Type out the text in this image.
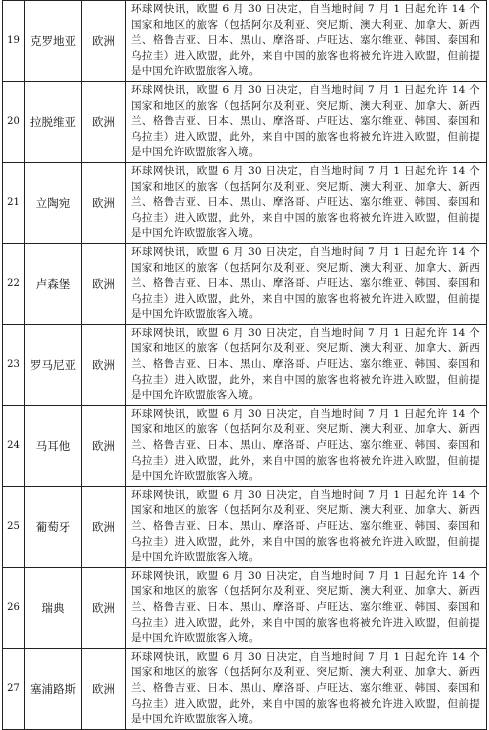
19	克罗地亚	欧洲	环球网快讯，欧盟 6 月 30 日决定，自当地时间 7 月 1 日起允许 14 个国家和地区的旅客（包括阿尔及利亚、突尼斯、澳大利亚、加拿大、新西兰、格鲁吉亚、日本、黑山、摩洛哥、卢旺达、塞尔维亚、韩国、泰国和乌拉圭）进入欧盟，此外，来自中国的旅客也将被允许进入欧盟，但前提是中国允许欧盟旅客入境。
20	拉脱维亚	欧洲	环球网快讯，欧盟 6 月 30 日决定，自当地时间 7 月 1 日起允许 14 个国家和地区的旅客（包括阿尔及利亚、突尼斯、澳大利亚、加拿大、新西兰、格鲁吉亚、日本、黑山、摩洛哥、卢旺达、塞尔维亚、韩国、泰国和乌拉圭）进入欧盟，此外，来自中国的旅客也将被允许进入欧盟，但前提是中国允许欧盟旅客入境。
21	立陶宛	欧洲	环球网快讯，欧盟 6 月 30 日决定，自当地时间 7 月 1 日起允许 14 个国家和地区的旅客（包括阿尔及利亚、突尼斯、澳大利亚、加拿大、新西兰、格鲁吉亚、日本、黑山、摩洛哥、卢旺达、塞尔维亚、韩国、泰国和乌拉圭）进入欧盟，此外，来自中国的旅客也将被允许进入欧盟，但前提是中国允许欧盟旅客入境。
22	卢森堡	欧洲	环球网快讯，欧盟 6 月 30 日决定，自当地时间 7 月 1 日起允许 14 个国家和地区的旅客（包括阿尔及利亚、突尼斯、澳大利亚、加拿大、新西兰、格鲁吉亚、日本、黑山、摩洛哥、卢旺达、塞尔维亚、韩国、泰国和乌拉圭）进入欧盟，此外，来自中国的旅客也将被允许进入欧盟，但前提是中国允许欧盟旅客入境。
23	罗马尼亚	欧洲	环球网快讯，欧盟 6 月 30 日决定，自当地时间 7 月 1 日起允许 14 个国家和地区的旅客（包括阿尔及利亚、突尼斯、澳大利亚、加拿大、新西兰、格鲁吉亚、日本、黑山、摩洛哥、卢旺达、塞尔维亚、韩国、泰国和乌拉圭）进入欧盟，此外，来自中国的旅客也将被允许进入欧盟，但前提是中国允许欧盟旅客入境。
24	马耳他	欧洲	环球网快讯，欧盟 6 月 30 日决定，自当地时间 7 月 1 日起允许 14 个国家和地区的旅客（包括阿尔及利亚、突尼斯、澳大利亚、加拿大、新西兰、格鲁吉亚、日本、黑山、摩洛哥、卢旺达、塞尔维亚、韩国、泰国和乌拉圭）进入欧盟，此外，来自中国的旅客也将被允许进入欧盟，但前提是中国允许欧盟旅客入境。
25	葡萄牙	欧洲	环球网快讯，欧盟 6 月 30 日决定，自当地时间 7 月 1 日起允许 14 个国家和地区的旅客（包括阿尔及利亚、突尼斯、澳大利亚、加拿大、新西兰、格鲁吉亚、日本、黑山、摩洛哥、卢旺达、塞尔维亚、韩国、泰国和乌拉圭）进入欧盟，此外，来自中国的旅客也将被允许进入欧盟，但前提是中国允许欧盟旅客入境。
26	瑞典	欧洲	环球网快讯，欧盟 6 月 30 日决定，自当地时间 7 月 1 日起允许 14 个国家和地区的旅客（包括阿尔及利亚、突尼斯、澳大利亚、加拿大、新西兰、格鲁吉亚、日本、黑山、摩洛哥、卢旺达、塞尔维亚、韩国、泰国和乌拉圭）进入欧盟，此外，来自中国的旅客也将被允许进入欧盟，但前提是中国允许欧盟旅客入境。
27	塞浦路斯	欧洲	环球网快讯，欧盟 6 月 30 日决定，自当地时间 7 月 1 日起允许 14 个国家和地区的旅客（包括阿尔及利亚、突尼斯、澳大利亚、加拿大、新西兰、格鲁吉亚、日本、黑山、摩洛哥、卢旺达、塞尔维亚、韩国、泰国和乌拉圭）进入欧盟，此外，来自中国的旅客也将被允许进入欧盟，但前提是中国允许欧盟旅客入境。
